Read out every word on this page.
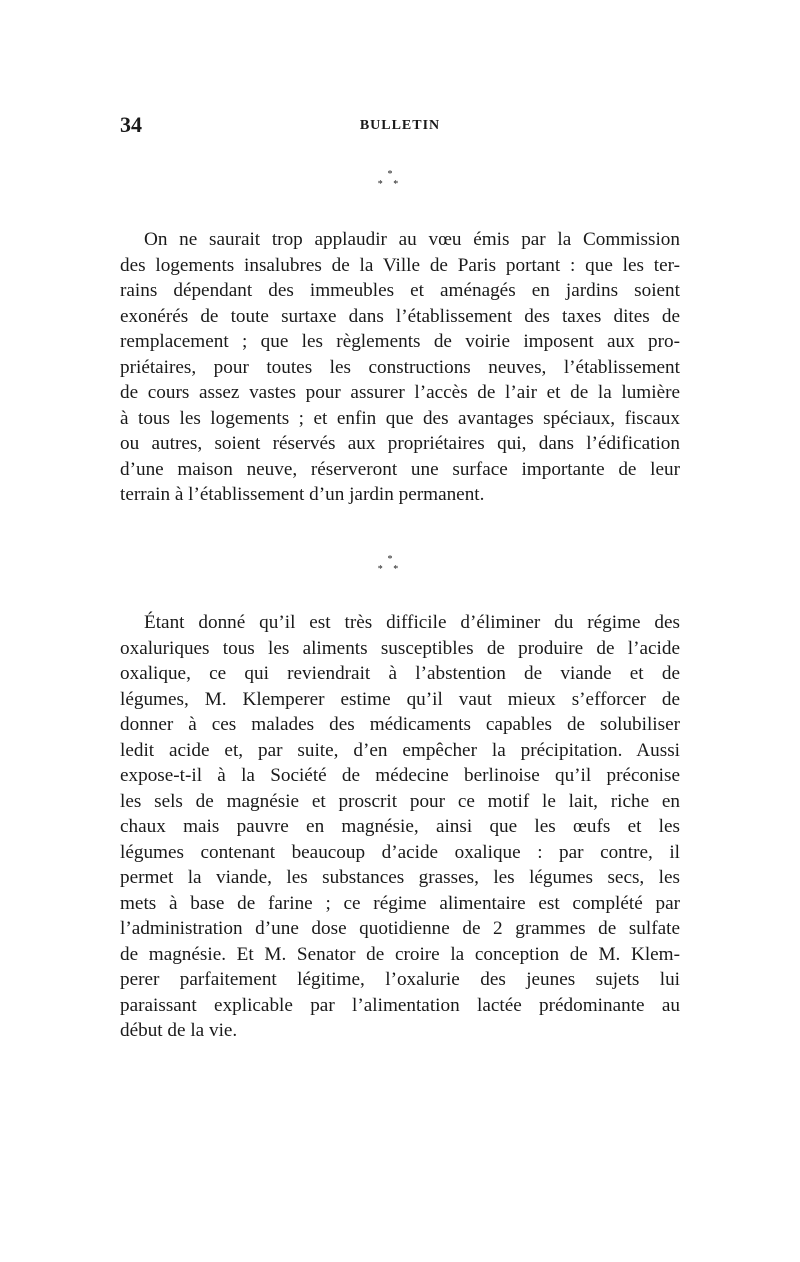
34	BULLETIN
*
* *
On ne saurait trop applaudir au vœu émis par la Commission
des logements insalubres de la Ville de Paris portant : que les ter-
rains dépendant des immeubles et aménagés en jardins soient
exonérés de toute surtaxe dans l’établissement des taxes dites de
remplacement ; que les règlements de voirie imposent aux pro-
priétaires, pour toutes les constructions neuves, l’établissement
de cours assez vastes pour assurer l’accès de l’air et de la lumière
à tous les logements ; et enfin que des avantages spéciaux, fiscaux
ou autres, soient réservés aux propriétaires qui, dans l’édification
d’une maison neuve, réserveront une surface importante de leur
terrain à l’établissement d’un jardin permanent.
*
* *
Étant donné qu’il est très difficile d’éliminer du régime des
oxaluriques tous les aliments susceptibles de produire de l’acide
oxalique, ce qui reviendrait à l’abstention de viande et de
légumes, M. Klemperer estime qu’il vaut mieux s’efforcer de
donner à ces malades des médicaments capables de solubiliser
ledit acide et, par suite, d’en empêcher la précipitation. Aussi
expose-t-il à la Société de médecine berlinoise qu’il préconise
les sels de magnésie et proscrit pour ce motif le lait, riche en
chaux mais pauvre en magnésie, ainsi que les œufs et les
légumes contenant beaucoup d’acide oxalique : par contre, il
permet la viande, les substances grasses, les légumes secs, les
mets à base de farine ; ce régime alimentaire est complété par
l’administration d’une dose quotidienne de 2 grammes de sulfate
de magnésie. Et M. Senator de croire la conception de M. Klem-
perer parfaitement légitime, l’oxalurie des jeunes sujets lui
paraissant explicable par l’alimentation lactée prédominante au
début de la vie.
